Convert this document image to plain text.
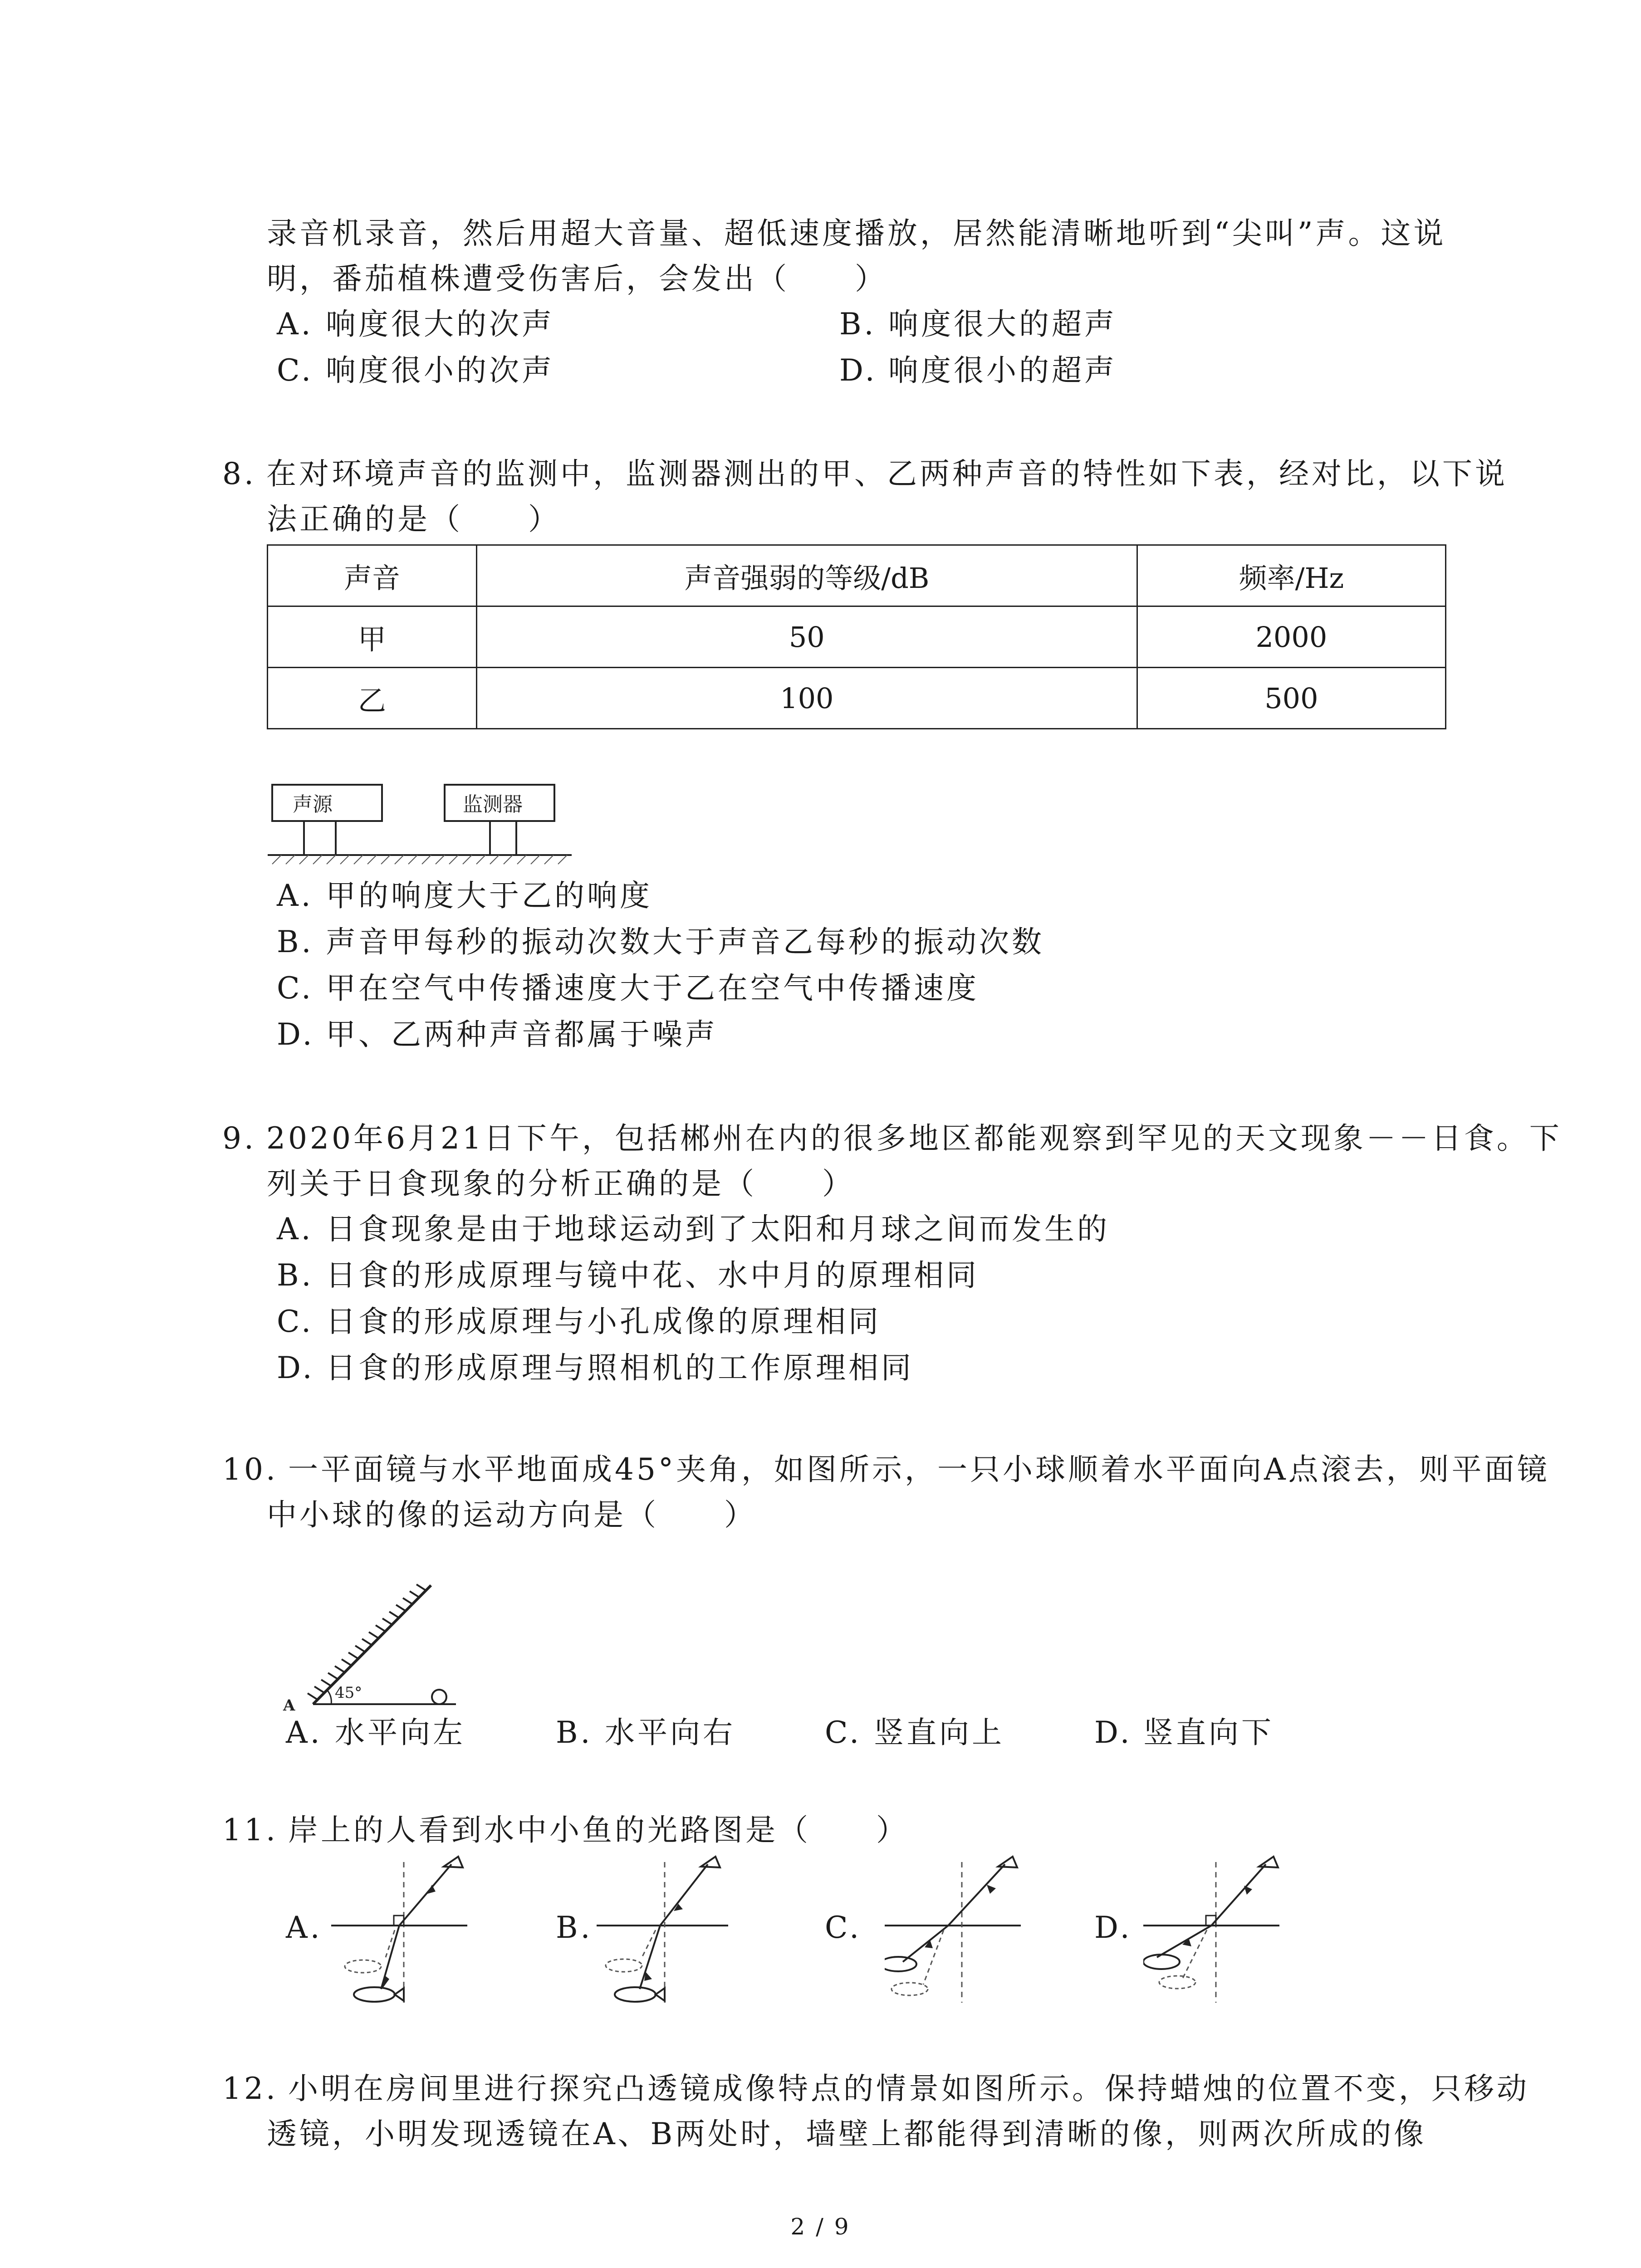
录音机录音，然后用超大音量、超低速度播放，居然能清晰地听到“尖叫”声。这说
明，番茄植株遭受伤害后，会发出（　　）
A. 响度很大的次声	B. 响度很大的超声
C. 响度很小的次声	D. 响度很小的超声
8. 在对环境声音的监测中，监测器测出的甲、乙两种声音的特性如下表，经对比，以下说
法正确的是（　　）
声音	声音强弱的等级/dB	频率/Hz
甲	50	2000
乙	100	500
声源	监测器
A. 甲的响度大于乙的响度
B. 声音甲每秒的振动次数大于声音乙每秒的振动次数
C. 甲在空气中传播速度大于乙在空气中传播速度
D. 甲、乙两种声音都属于噪声
9. 2020年6月21日下午，包括郴州在内的很多地区都能观察到罕见的天文现象－－日食。下
列关于日食现象的分析正确的是（　　）
A. 日食现象是由于地球运动到了太阳和月球之间而发生的
B. 日食的形成原理与镜中花、水中月的原理相同
C. 日食的形成原理与小孔成像的原理相同
D. 日食的形成原理与照相机的工作原理相同
10. 一平面镜与水平地面成45°夹角，如图所示，一只小球顺着水平面向A点滚去，则平面镜
中小球的像的运动方向是（　　）
45°
A
A. 水平向左	B. 水平向右	C. 竖直向上	D. 竖直向下
11. 岸上的人看到水中小鱼的光路图是（　　）
A.	B.	C.	D.
12. 小明在房间里进行探究凸透镜成像特点的情景如图所示。保持蜡烛的位置不变，只移动
透镜，小明发现透镜在A、B两处时，墙壁上都能得到清晰的像，则两次所成的像
2 / 9
